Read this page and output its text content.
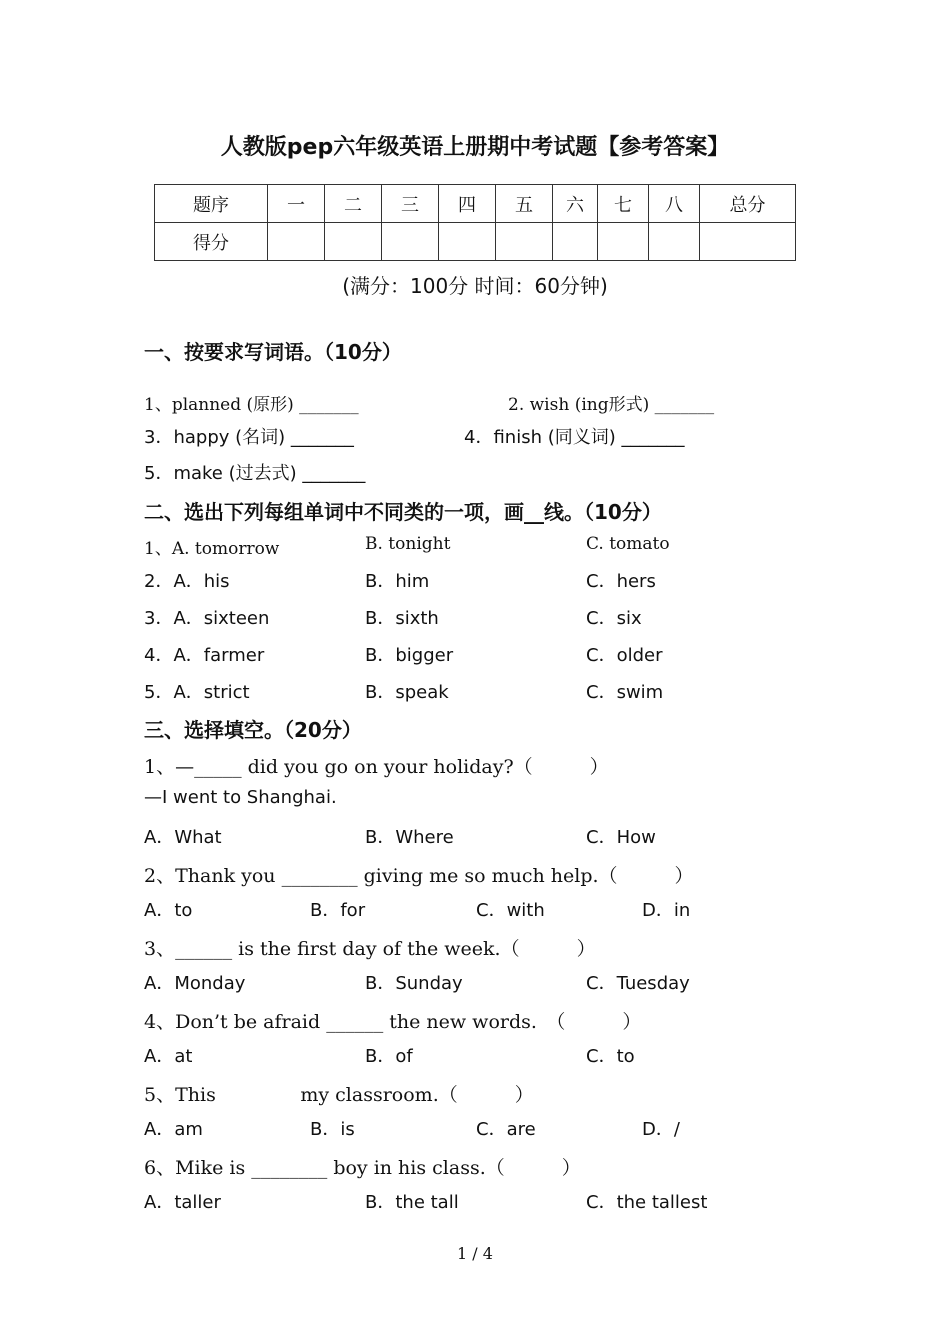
人教版pep六年级英语上册期中考试题【参考答案】
题序	一	二	三	四	五	六	七	八	总分
得分									
(满分：100分 时间：60分钟)
一、按要求写词语。（10分）
1、planned (原形) _______	2. wish (ing形式) _______
3．happy (名词) _______	4．finish (同义词) _______
5．make (过去式) _______
二、选出下列每组单词中不同类的一项，画__线。（10分）
1、A. tomorrow	B. tonight	C. tomato
2．A．his	B．him	C．hers
3．A．sixteen	B．sixth	C．six
4．A．farmer	B．bigger	C．older
5．A．strict	B．speak	C．swim
三、选择填空。（20分）
1、—_____ did you go on your holiday?（　　　）
—I went to Shanghai.
A．What	B．Where	C．How
2、Thank you ________ giving me so much help.（　　　）
A．to	B．for	C．with	D．in
3、______ is the first day of the week.（　　　）
A．Monday	B．Sunday	C．Tuesday
4、Don’t be afraid ______ the new words.　（　　　）
A．at	B．of	C．to
5、This              my classroom.（　　　）
A．am	B．is	C．are	D．/
6、Mike is ________ boy in his class.（　　　）
A．taller	B．the tall	C．the tallest
1 / 4
